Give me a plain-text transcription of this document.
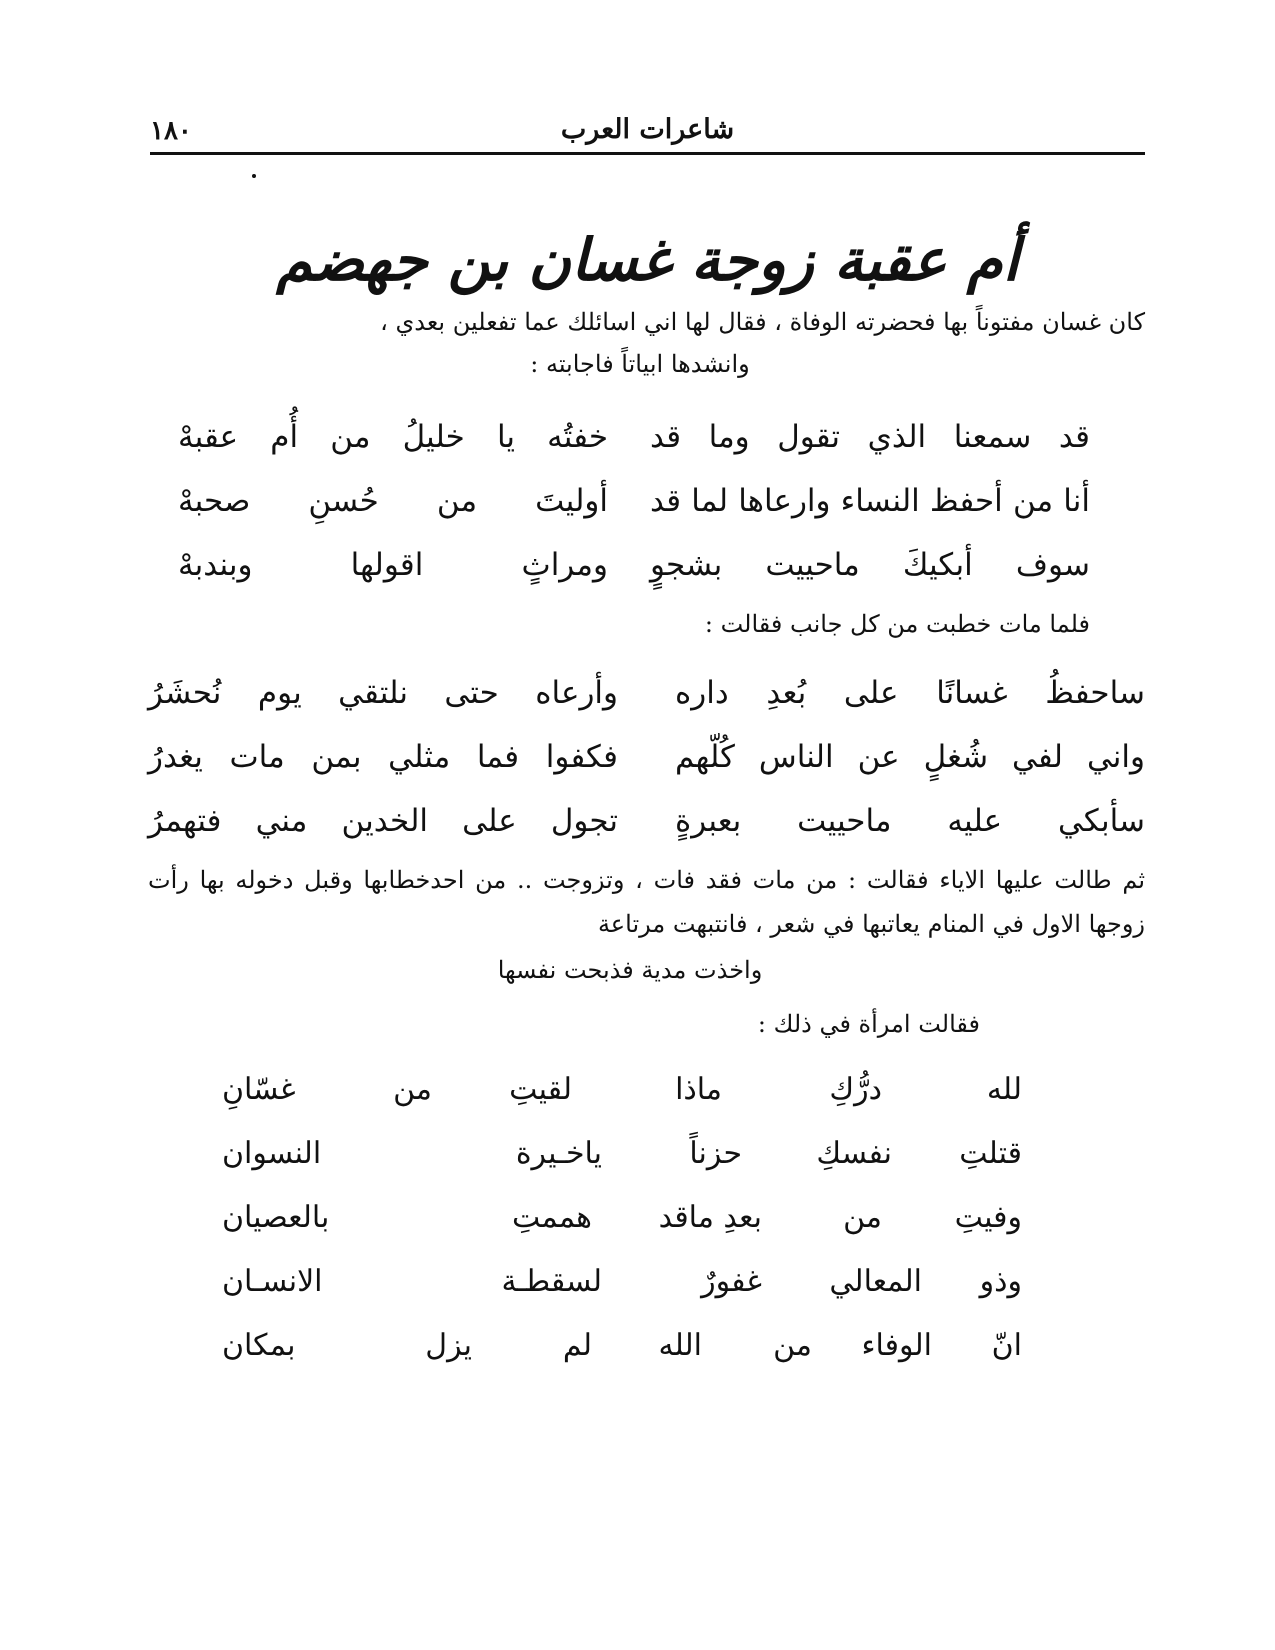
شاعرات العرب
١٨٠
أم عقبة زوجة غسان بن جهضم
كان غسان مفتوناً بها فحضرته الوفاة ، فقال لها اني اسائلك عما تفعلين بعدي ،
وانشدها ابياتاً فاجابته :
قد سمعنا الذي تقول وما قد
خفتُه يا خليلُ من أُم عقبهْ
أنا من أحفظ النساء وارعاها لما قد
أوليتَ من حُسنِ صحبهْ
سوف أبكيكَ ماحييت بشجوٍ
ومراثٍ اقولها وبندبهْ
فلما مات خطبت من كل جانب فقالت :
ساحفظُ غسانًا على بُعدِ داره
وأرعاه حتى نلتقي يوم نُحشَرُ
واني لفي شُغلٍ عن الناس كُلّهم
فكفوا فما مثلي بمن مات يغدرُ
سأبكي عليه ماحييت بعبرةٍ
تجول على الخدين مني فتهمرُ
ثم طالت عليها الاياء فقالت : من مات فقد فات ، وتزوجت .. من احدخطابها وقبل دخوله بها رأت زوجها الاول في المنام يعاتبها في شعر ، فانتبهت مرتاعة
واخذت مدية فذبحت نفسها
فقالت امرأة في ذلك :
لله
درُّكِ
ماذا
لقيتِ
من
غسّانِ
قتلتِ
نفسكِ
حزناً
ياخـيرة
النسوان
وفيتِ
من
بعدِ ماقد
هممتِ
بالعصيان
وذو
المعالي
غفورٌ
لسقطـة
الانسـان
انّ
الوفاء
من
الله
لم
يزل
بمكان
